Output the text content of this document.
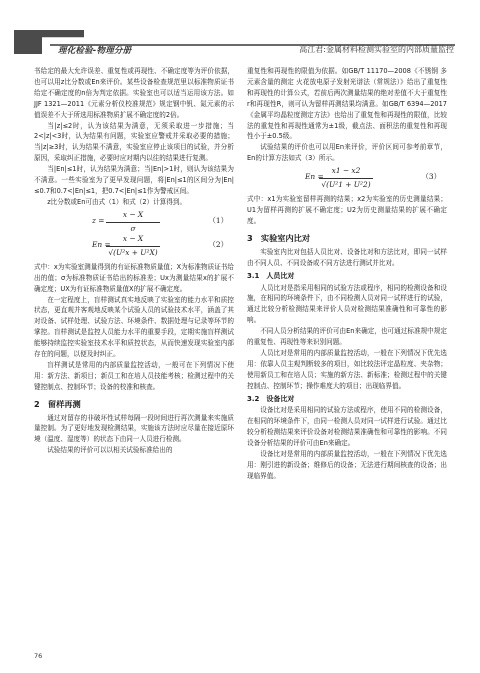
理化检验-物理分册	高江君:金属材料检测实验室的内部质量监控

书给定的最大允许误差、重复性或再现性、不确定度等为评价依据，也可以用z比分数或En来评价。某些设备检查规范里以标准物质证书给定不确定度的n倍为判定依据。实验室也可以适当运用该方法。如JJF 1321—2011《元素分析仪校准规范》规定钢中钒、氮元素的示值误差不大于所选用标准物质扩展不确定度的2倍。

当|z|≤2时，认为该结果为满意，无须采取进一步措施；当2<|z|<3时，认为结果有问题，实验室应警戒并采取必要的措施；当|z|≥3时，认为结果不满意，实验室应停止该项目的试验，并分析原因，采取纠正措施，必要时应对期内以往的结果进行复测。

当|En|≤1时，认为结果为满意；当|En|>1时，则认为该结果为不满意。一些实验室为了更早发现问题，将|En|≤1的区间分为|En|≤0.7和0.7<|En|≤1，把0.7<|En|≤1作为警戒区间。

z比分数或En可由式（1）和式（2）计算得到。

$z = \frac{x - X}{\sigma}$	（1）
En =
$\frac{x - X}{\text{√(U²x + U²X)}}$	（2）

式中：x为实验室测量得到的有证标准物质量值；X为标准物质证书给出的值；σ为标准物质证书给出的标准差；Ux为测量结果x的扩展不确定度；UX为有证标准物质量值X的扩展不确定度。

在一定程度上，盲样测试真实地反映了实验室的能力水平和质控状态，更直观并客观地反映某个试验人员的试验技术水平，涵盖了其对设备、试样处理、试验方法、环境条件、数据处理与记录等环节的掌控。盲样测试是监控人员能力水平的重要手段，定期实施盲样测试能够持续监控实验室技术水平和质控状态，从而快速发现实验室内部存在的问题，以便及时纠正。

盲样测试是常用的内部质量监控活动，一般可在下列情况下使用：新方法、新项目；新员工和在培人员技能考核；检测过程中的关键控制点、控制环节；设备的校准和核查。

2　留样再测

通过对留存的非破坏性试样每隔一段时间进行再次测量来实施质量控制。为了更好地发现检测结果，实施该方法时应尽量在接近原环境（温度、湿度等）的状态下由同一人员进行检测。

试验结果的评价可以以相关试验标准给出的

重复性和再现性的限值为依据。如GB/T 11170—2008《不锈钢 多元素含量的测定 火花放电原子发射光谱法（常规法）》给出了重复性和再现性的计算公式，若前后两次测量结果的绝对差值不大于重复性r和再现性R，则可认为留样再测结果均满意。如GB/T 6394—2017《金属平均晶粒度测定方法》也给出了重复性和再现性的限值，比较法的重复性和再现性通常为±1级，截点法、面积法的重复性和再现性小于±0.5级。

试验结果的评价也可以用En来评价，评价区间可参考前章节，En的计算方法如式（3）所示。

En =
$\frac{x1 - x2}{\text{√(U²1 + U²2)}}$	（3）

式中：x1为实验室留样再测的结果；x2为实验室的历史测量结果；U1为留样再测的扩展不确定度；U2为历史测量结果的扩展不确定度。

3　实验室内比对

实验室内比对包括人员比对、设备比对和方法比对，即同一试样由不同人员、不同设备或不同方法进行测试并比对。

3.1　人员比对

人员比对是指采用相同的试验方法或程序，相同的检测设备和设施，在相同的环境条件下，由不同检测人员对同一试样进行的试验，通过比较分析检测结果来评价人员对检测结果准确性和可靠性的影响。

不同人员分析结果的评价可由En来确定，也可通过标准规中规定的重复性、再现性等来识别问题。

人员比对是常用的内部质量监控活动，一般在下列情况下优先选用：依靠人员主观判断较多的项目，如比较法评定晶粒度、夹杂物；使用新员工和在培人员；实施的新方法、新标准；检测过程中的关键控制点、控制环节；操作难度大的项目；出现临界值。

3.2　设备比对

设备比对是采用相同的试验方法或程序，使用不同的检测设备，在相同的环境条件下，由同一检测人员对同一试样进行试验。通过比较分析检测结果来评价设备对检测结果准确性和可靠性的影响。不同设备分析结果的评价可由En来确定。

设备比对是常用的内部质量监控活动，一般在下列情况下优先选用：刚引进的新设备；维修后的设备；无法进行期间核查的设备；出现临界值。

76
